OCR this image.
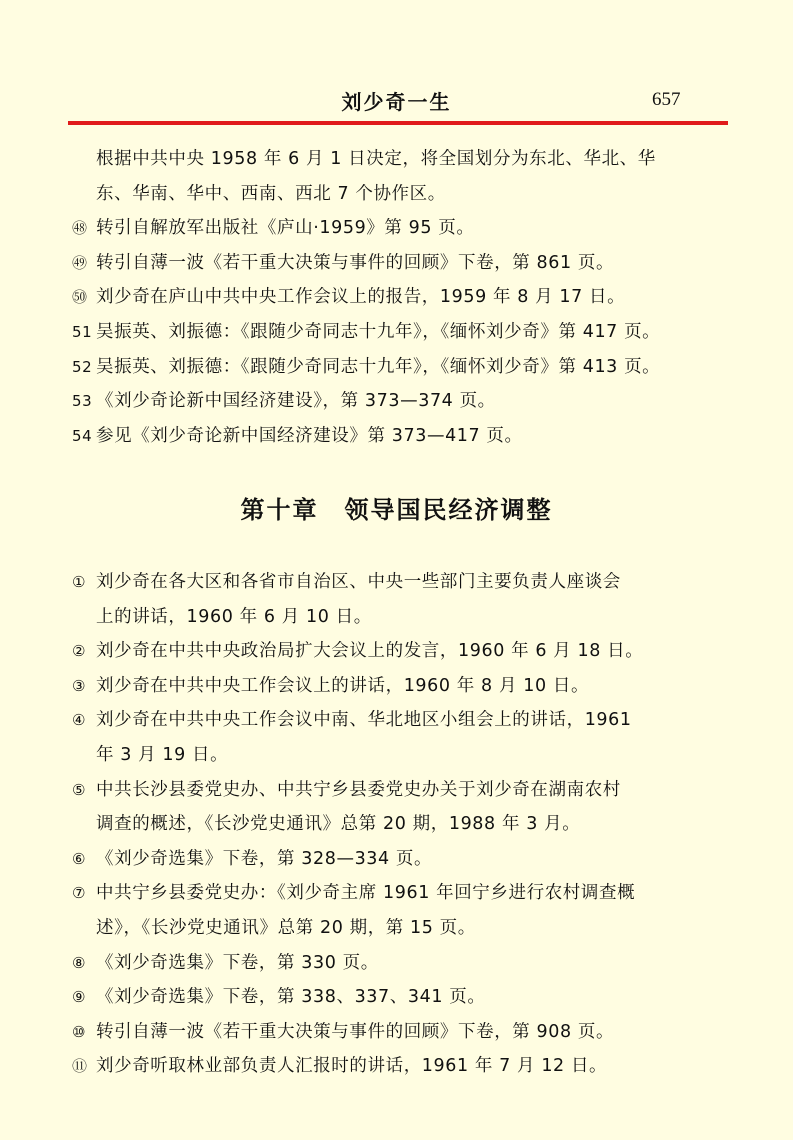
刘少奇一生	657
根据中共中央 1958 年 6 月 1 日决定，将全国划分为东北、华北、华
东、华南、华中、西南、西北 7 个协作区。
㊽ 转引自解放军出版社《庐山·1959》第 95 页。
㊾ 转引自薄一波《若干重大决策与事件的回顾》下卷，第 861 页。
㊿ 刘少奇在庐山中共中央工作会议上的报告，1959 年 8 月 17 日。
51 吴振英、刘振德：《跟随少奇同志十九年》，《缅怀刘少奇》第 417 页。
52 吴振英、刘振德：《跟随少奇同志十九年》，《缅怀刘少奇》第 413 页。
53 《刘少奇论新中国经济建设》，第 373—374 页。
54 参见《刘少奇论新中国经济建设》第 373—417 页。
第十章　领导国民经济调整
① 刘少奇在各大区和各省市自治区、中央一些部门主要负责人座谈会
上的讲话，1960 年 6 月 10 日。
② 刘少奇在中共中央政治局扩大会议上的发言，1960 年 6 月 18 日。
③ 刘少奇在中共中央工作会议上的讲话，1960 年 8 月 10 日。
④ 刘少奇在中共中央工作会议中南、华北地区小组会上的讲话，1961
年 3 月 19 日。
⑤ 中共长沙县委党史办、中共宁乡县委党史办关于刘少奇在湖南农村
调查的概述，《长沙党史通讯》总第 20 期，1988 年 3 月。
⑥ 《刘少奇选集》下卷，第 328—334 页。
⑦ 中共宁乡县委党史办：《刘少奇主席 1961 年回宁乡进行农村调查概
述》，《长沙党史通讯》总第 20 期，第 15 页。
⑧ 《刘少奇选集》下卷，第 330 页。
⑨ 《刘少奇选集》下卷，第 338、337、341 页。
⑩ 转引自薄一波《若干重大决策与事件的回顾》下卷，第 908 页。
⑪ 刘少奇听取林业部负责人汇报时的讲话，1961 年 7 月 12 日。
